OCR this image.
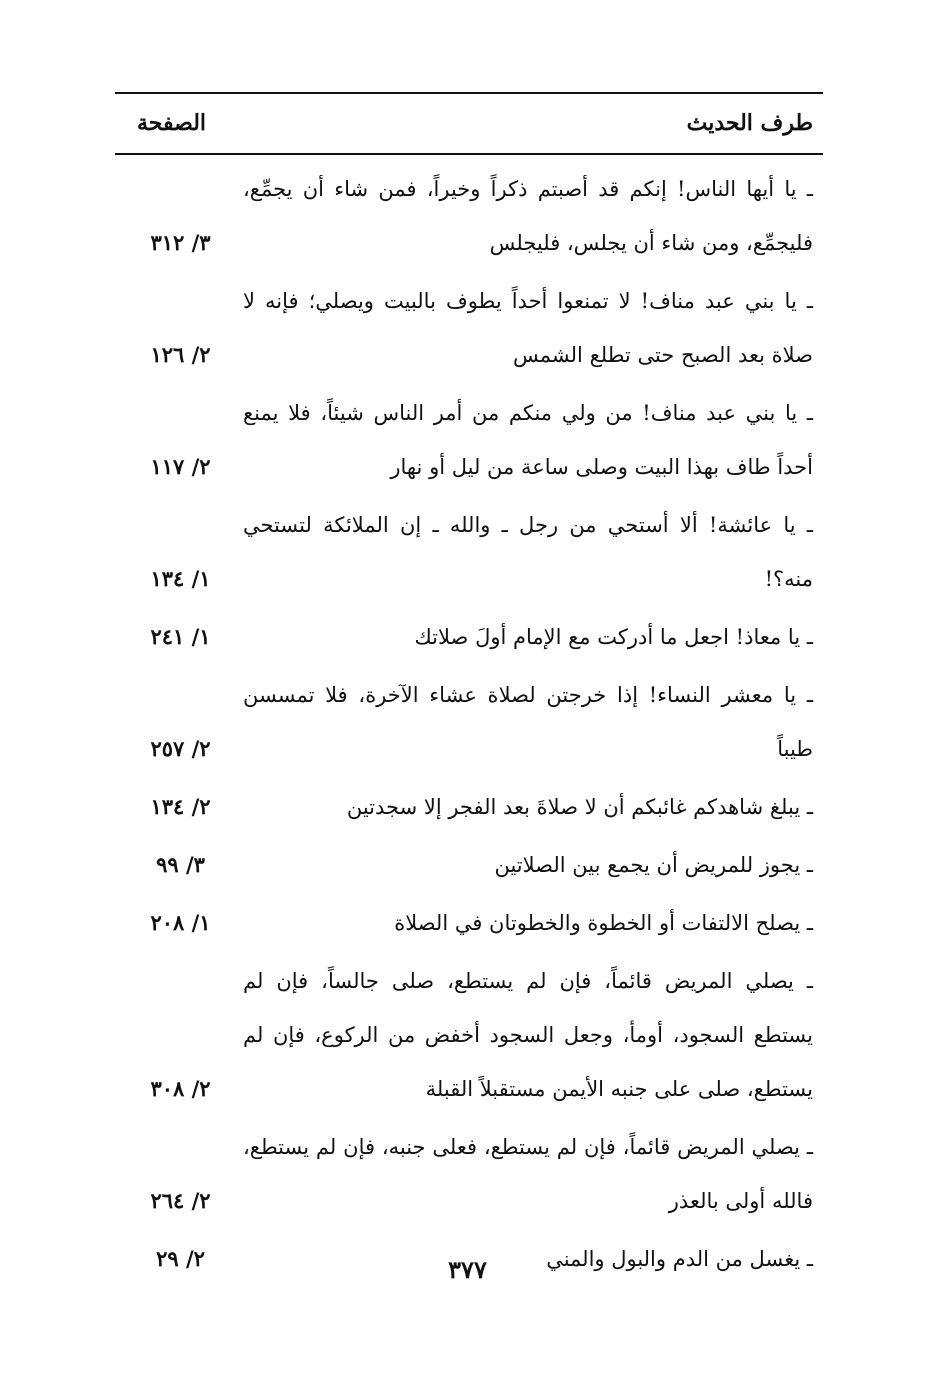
طرف الحديث
الصفحة
ـ يا أيها الناس! إنكم قد أصبتم ذكراً وخيراً، فمن شاء أن يجمِّع، فليجمِّع، ومن شاء أن يجلس، فليجلس
٣/ ٣١٢
ـ يا بني عبد مناف! لا تمنعوا أحداً يطوف بالبيت ويصلي؛ فإنه لا صلاة بعد الصبح حتى تطلع الشمس
٢/ ١٢٦
ـ يا بني عبد مناف! من ولي منكم من أمر الناس شيئاً، فلا يمنع أحداً طاف بهذا البيت وصلى ساعة من ليل أو نهار
٢/ ١١٧
ـ يا عائشة! ألا أستحي من رجل ـ والله ـ إن الملائكة لتستحي منه؟!
١/ ١٣٤
ـ يا معاذ! اجعل ما أدركت مع الإمام أولَ صلاتك
١/ ٢٤١
ـ يا معشر النساء! إذا خرجتن لصلاة عشاء الآخرة، فلا تمسسن طيباً
٢/ ٢٥٧
ـ يبلغ شاهدكم غائبكم أن لا صلاةَ بعد الفجر إلا سجدتين
٢/ ١٣٤
ـ يجوز للمريض أن يجمع بين الصلاتين
٣/ ٩٩
ـ يصلح الالتفات أو الخطوة والخطوتان في الصلاة
١/ ٢٠٨
ـ يصلي المريض قائماً، فإن لم يستطع، صلى جالساً، فإن لم يستطع السجود، أومأ، وجعل السجود أخفض من الركوع، فإن لم يستطع، صلى على جنبه الأيمن مستقبلاً القبلة
٢/ ٣٠٨
ـ يصلي المريض قائماً، فإن لم يستطع، فعلى جنبه، فإن لم يستطع، فالله أولى بالعذر
٢/ ٢٦٤
ـ يغسل من الدم والبول والمني
٢/ ٢٩	٣٧٧
